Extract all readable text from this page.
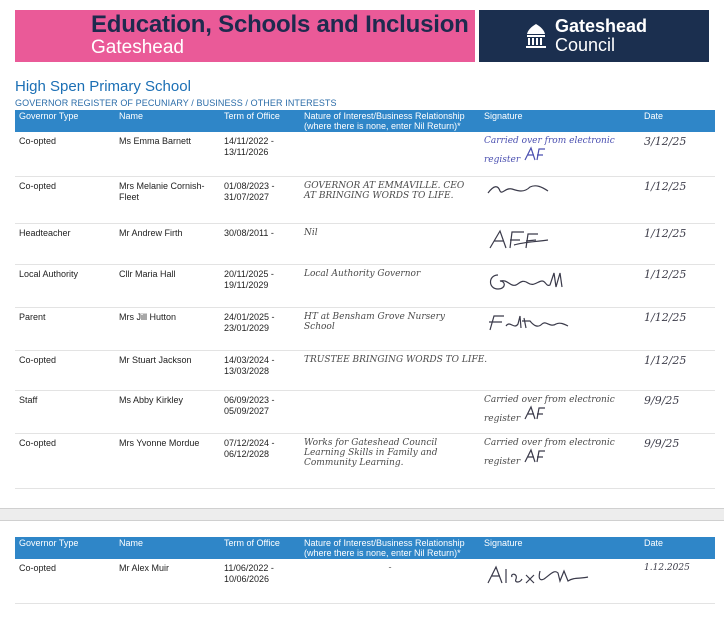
Education, Schools and Inclusion
Gateshead
Gateshead
Council
High Spen Primary School
GOVERNOR REGISTER OF PECUNIARY / BUSINESS / OTHER INTERESTS
Governor Type	Name	Term of Office	Nature of Interest/Business Relationship (where there is none, enter Nil Return)*	Signature	Date
Co-opted	Ms Emma Barnett	14/11/2022 - 13/11/2026		Carried over from electronic register	3/12/25
Co-opted	Mrs Melanie Cornish-Fleet	01/08/2023 - 31/07/2027	GOVERNOR AT EMMAVILLE. CEO AT BRINGING WORDS TO LIFE.		1/12/25
Headteacher	Mr Andrew Firth	30/08/2011 -	Nil		1/12/25
Local Authority	Cllr Maria Hall	20/11/2025 - 19/11/2029	Local Authority Governor		1/12/25
Parent	Mrs Jill Hutton	24/01/2025 - 23/01/2029	HT at Bensham Grove Nursery School		1/12/25
Co-opted	Mr Stuart Jackson	14/03/2024 - 13/03/2028	TRUSTEE BRINGING WORDS TO LIFE.		1/12/25
Staff	Ms Abby Kirkley	06/09/2023 - 05/09/2027		Carried over from electronic register	9/9/25
Co-opted	Mrs Yvonne Mordue	07/12/2024 - 06/12/2028	Works for Gateshead Council Learning Skills in Family and Community Learning.	Carried over from electronic register	9/9/25
Governor Type	Name	Term of Office	Nature of Interest/Business Relationship (where there is none, enter Nil Return)*	Signature	Date
Co-opted	Mr Alex Muir	11/06/2022 - 10/06/2026	-		1.12.2025
